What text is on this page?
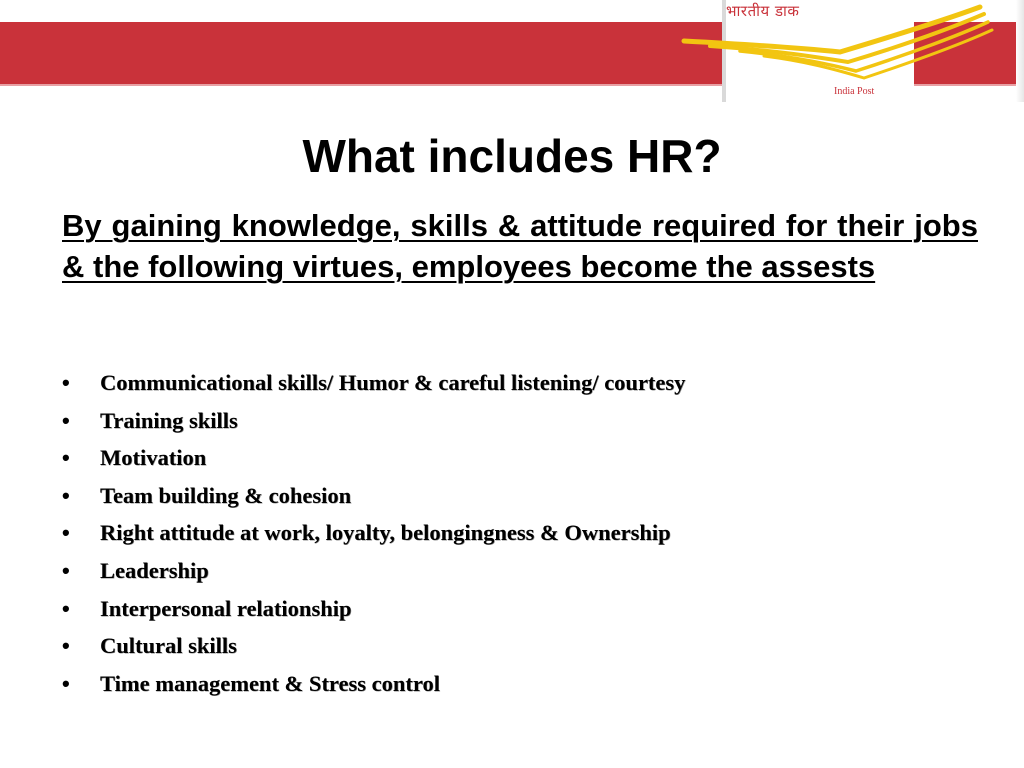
भारतीय डाक
India Post
What includes HR?

By gaining knowledge, skills & attitude required for their jobs & the following virtues, employees become the assests

• Communicational skills/ Humor & careful listening/ courtesy
• Training skills
• Motivation
• Team building & cohesion
• Right attitude at work, loyalty, belongingness & Ownership
• Leadership
• Interpersonal relationship
• Cultural skills
• Time management & Stress control
